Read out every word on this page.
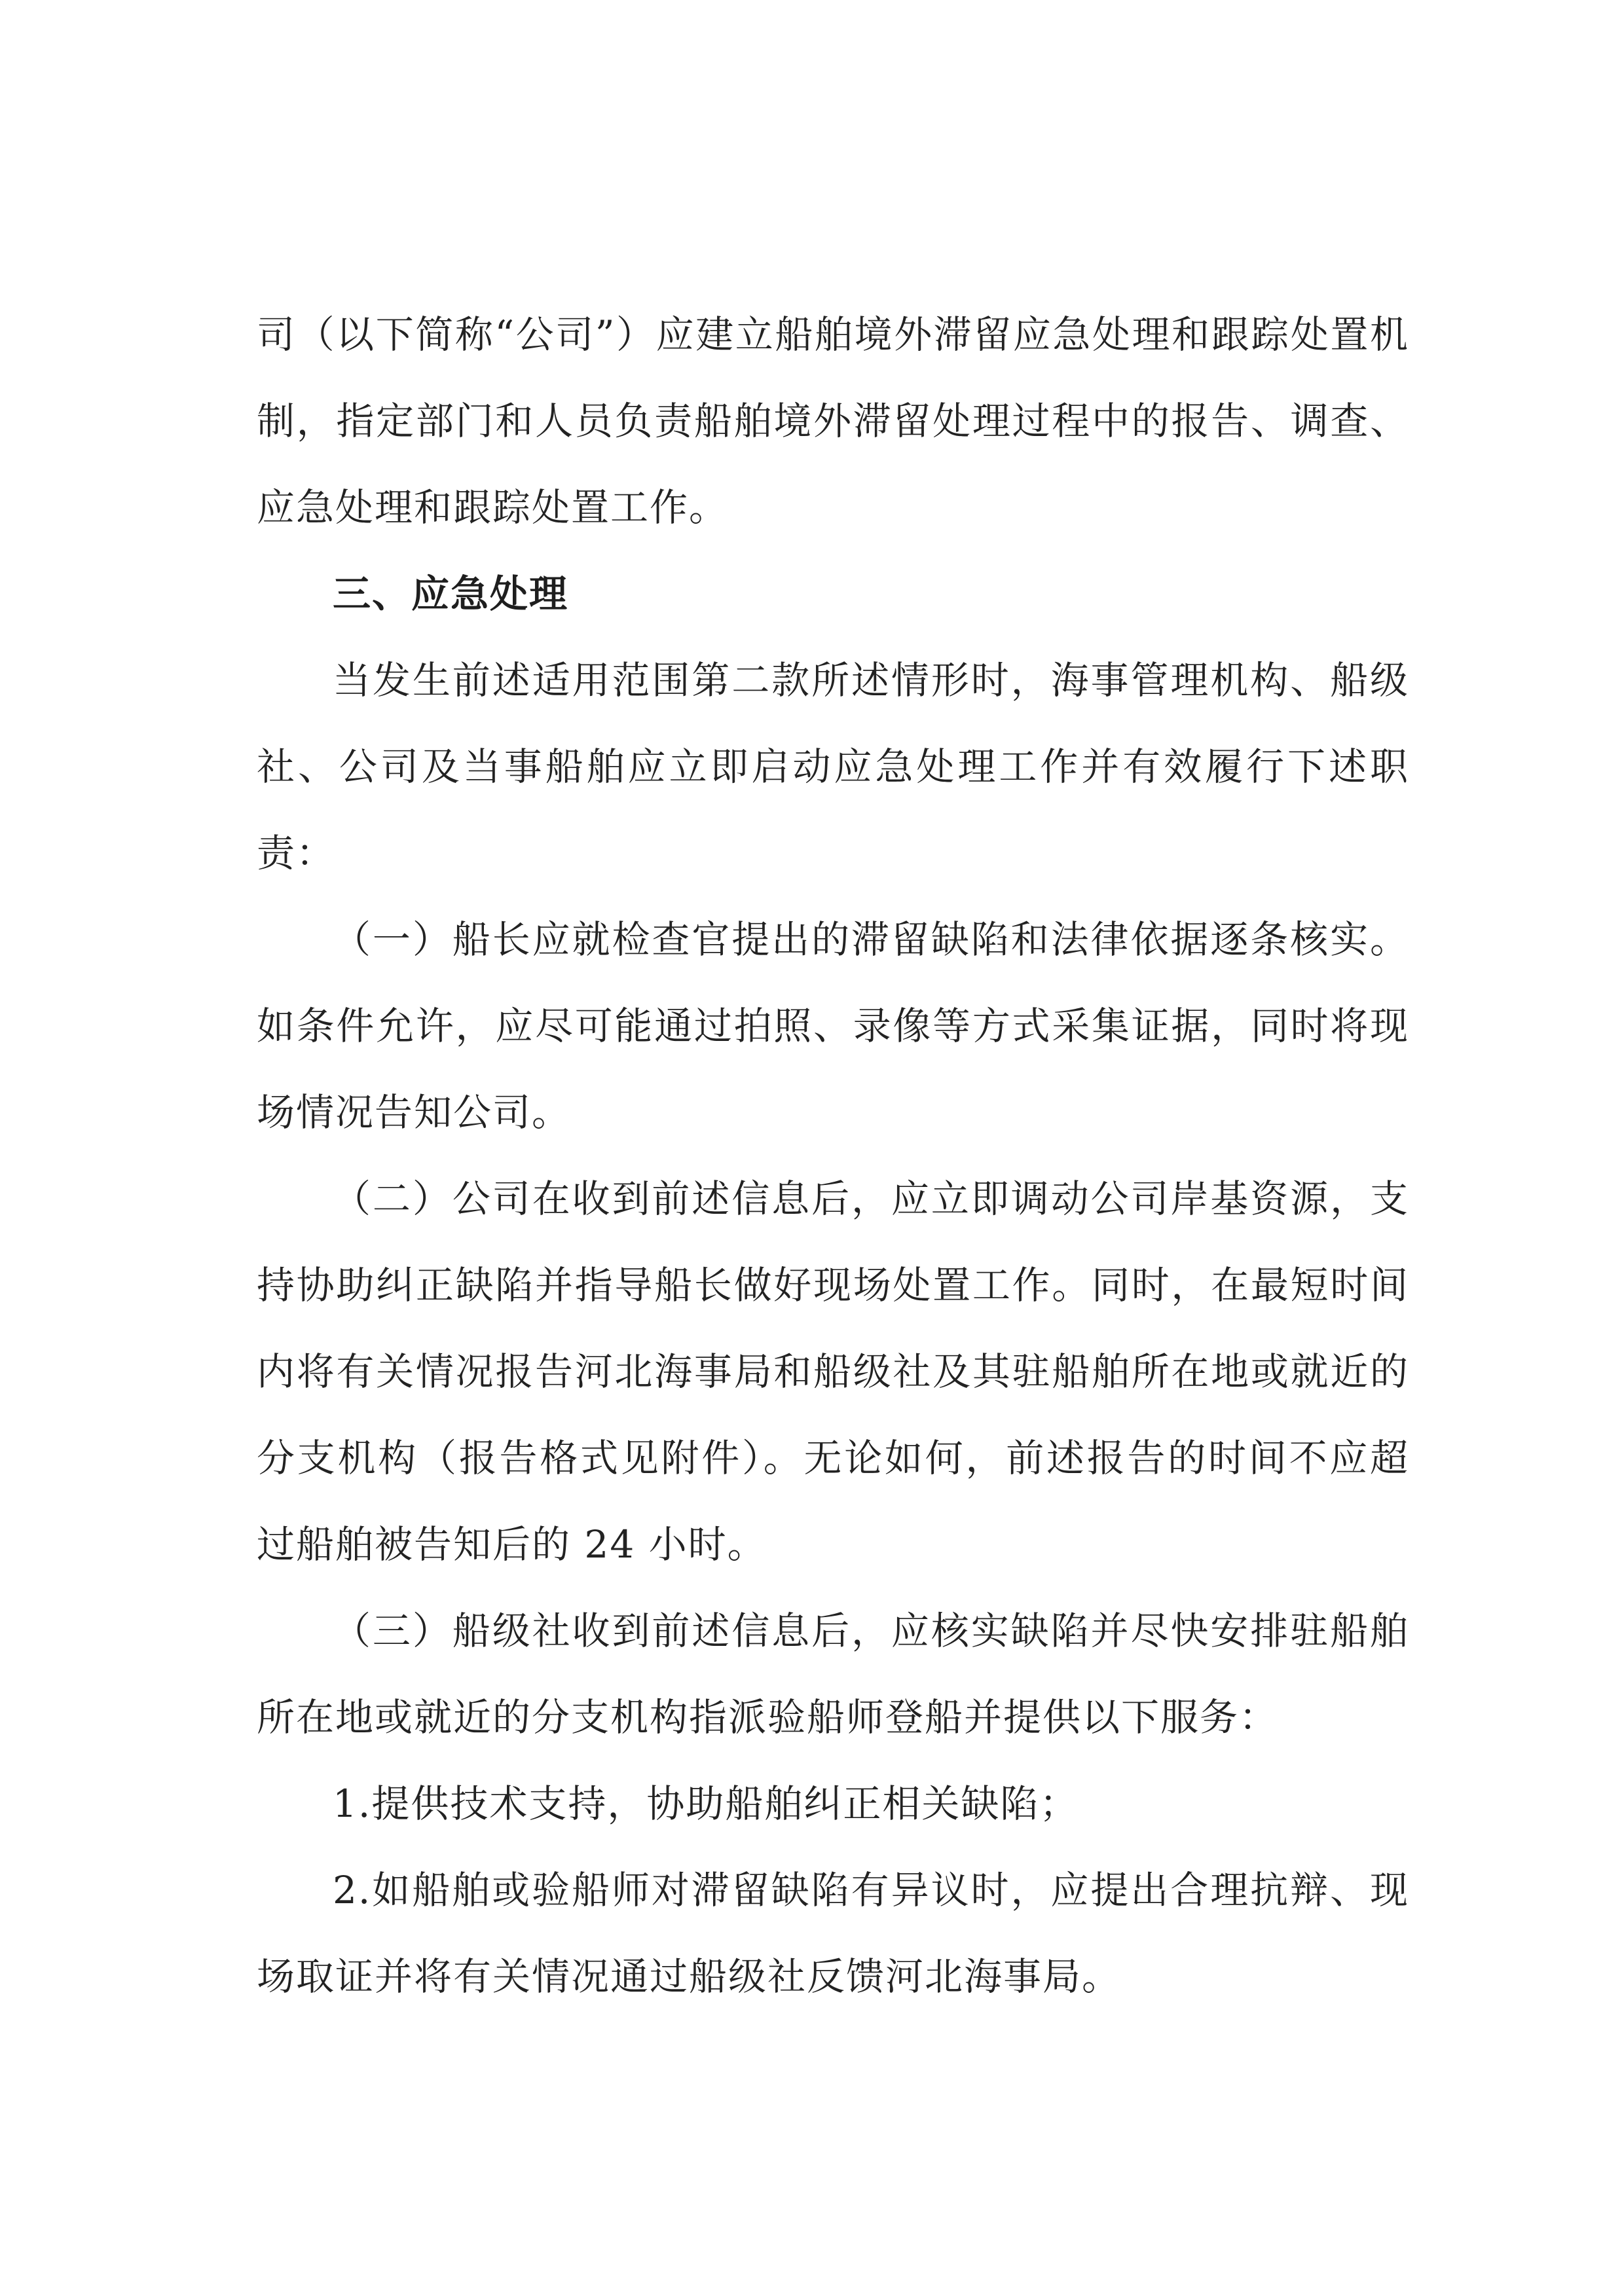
司（以下简称“公司”）应建立船舶境外滞留应急处理和跟踪处置机制，指定部门和人员负责船舶境外滞留处理过程中的报告、调查、应急处理和跟踪处置工作。

三、应急处理

当发生前述适用范围第二款所述情形时，海事管理机构、船级社、公司及当事船舶应立即启动应急处理工作并有效履行下述职责：

（一）船长应就检查官提出的滞留缺陷和法律依据逐条核实。如条件允许，应尽可能通过拍照、录像等方式采集证据，同时将现场情况告知公司。

（二）公司在收到前述信息后，应立即调动公司岸基资源，支持协助纠正缺陷并指导船长做好现场处置工作。同时，在最短时间内将有关情况报告河北海事局和船级社及其驻船舶所在地或就近的分支机构（报告格式见附件）。无论如何，前述报告的时间不应超过船舶被告知后的 24 小时。

（三）船级社收到前述信息后，应核实缺陷并尽快安排驻船舶所在地或就近的分支机构指派验船师登船并提供以下服务：

1.提供技术支持，协助船舶纠正相关缺陷；

2.如船舶或验船师对滞留缺陷有异议时，应提出合理抗辩、现场取证并将有关情况通过船级社反馈河北海事局。
